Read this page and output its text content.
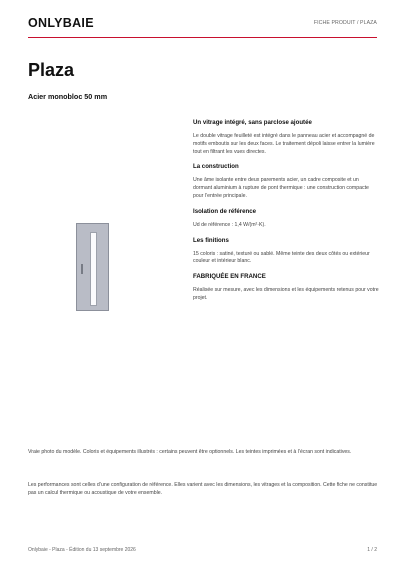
ONLYBAIE	FICHE PRODUIT / PLAZA
Plaza
Acier monobloc 50 mm
Un vitrage intégré, sans parclose ajoutée

Le double vitrage feuilleté est intégré dans le panneau acier et accompagné de motifs emboutis sur les deux faces. Le traitement dépoli laisse entrer la lumière tout en filtrant les vues directes.

La construction

Une âme isolante entre deux parements acier, un cadre composite et un dormant aluminium à rupture de pont thermique : une construction compacte pour l’entrée principale.

Isolation de référence

Ud de référence : 1,4 W/(m²·K).

Les finitions

15 coloris : satiné, texturé ou sablé. Même teinte des deux côtés ou extérieur couleur et intérieur blanc.

FABRIQUÉE EN FRANCE

Réalisée sur mesure, avec les dimensions et les équipements retenus pour votre projet.

Vraie photo du modèle. Coloris et équipements illustrés : certains peuvent être optionnels. Les teintes imprimées et à l’écran sont indicatives.
Les performances sont celles d’une configuration de référence. Elles varient avec les dimensions, les vitrages et la composition. Cette fiche ne constitue pas un calcul thermique ou acoustique de votre ensemble.
Onlybaie - Plaza - Édition du 13 septembre 2026	1 / 2
